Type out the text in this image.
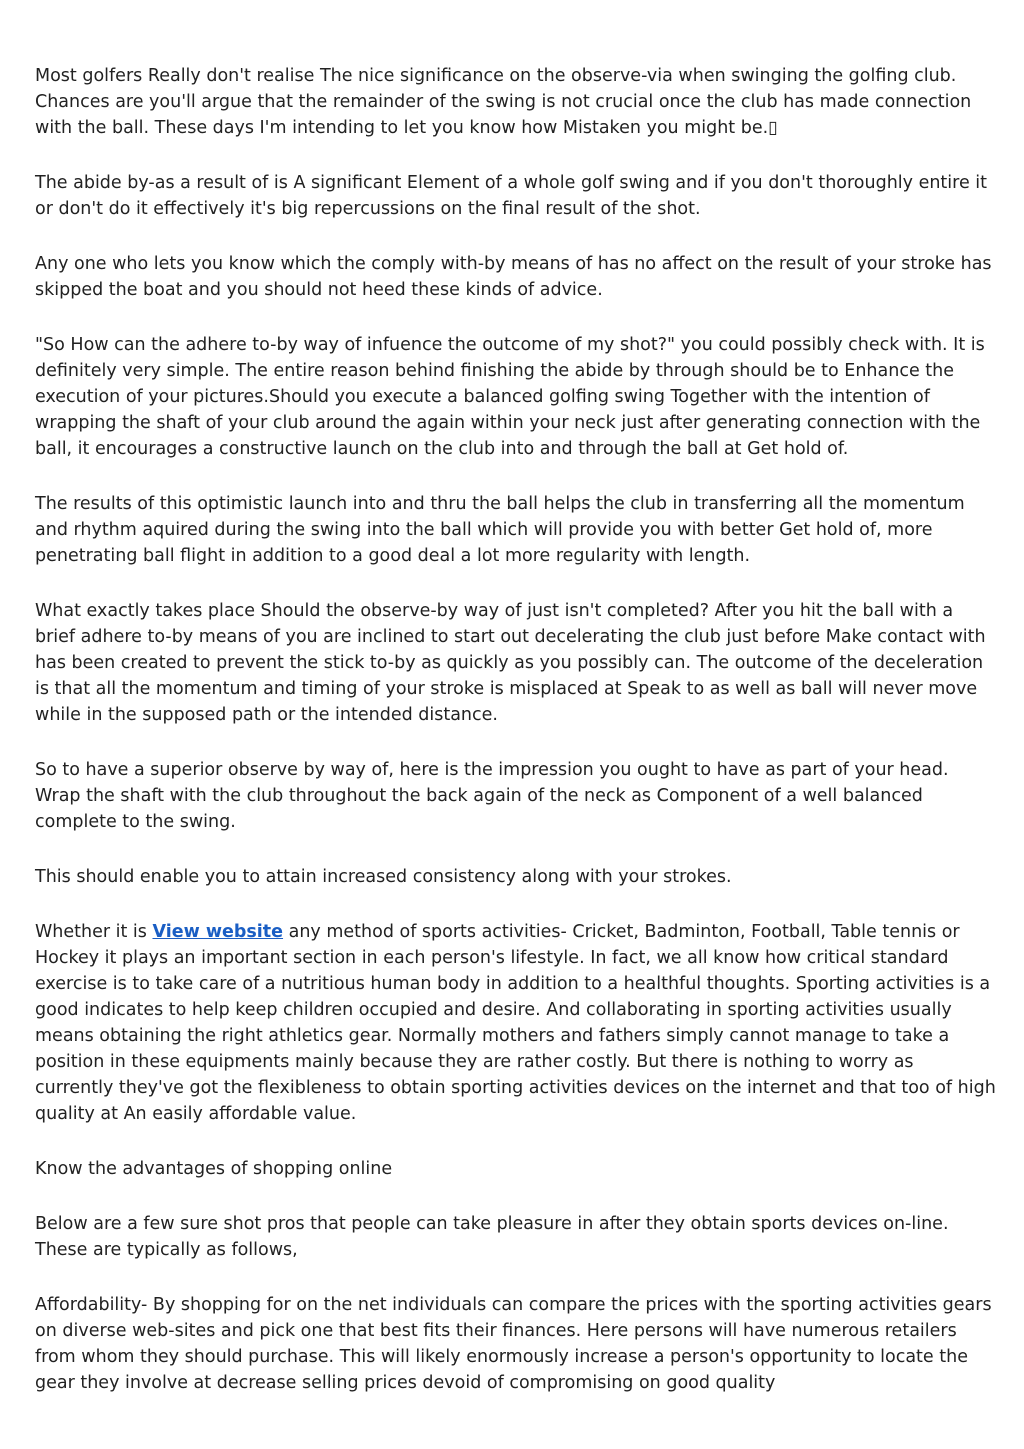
Most golfers Really don't realise The nice significance on the observe-via when swinging the golfing club. Chances are you'll argue that the remainder of the swing is not crucial once the club has made connection with the ball. These days I'm intending to let you know how Mistaken you might be.▯

The abide by-as a result of is A significant Element of a whole golf swing and if you don't thoroughly entire it or don't do it effectively it's big repercussions on the final result of the shot.

Any one who lets you know which the comply with-by means of has no affect on the result of your stroke has skipped the boat and you should not heed these kinds of advice.

"So How can the adhere to-by way of infuence the outcome of my shot?" you could possibly check with. It is definitely very simple. The entire reason behind finishing the abide by through should be to Enhance the execution of your pictures.Should you execute a balanced golfing swing Together with the intention of wrapping the shaft of your club around the again within your neck just after generating connection with the ball, it encourages a constructive launch on the club into and through the ball at Get hold of.

The results of this optimistic launch into and thru the ball helps the club in transferring all the momentum and rhythm aquired during the swing into the ball which will provide you with better Get hold of, more penetrating ball flight in addition to a good deal a lot more regularity with length.

What exactly takes place Should the observe-by way of just isn't completed? After you hit the ball with a brief adhere to-by means of you are inclined to start out decelerating the club just before Make contact with has been created to prevent the stick to-by as quickly as you possibly can. The outcome of the deceleration is that all the momentum and timing of your stroke is misplaced at Speak to as well as ball will never move while in the supposed path or the intended distance.

So to have a superior observe by way of, here is the impression you ought to have as part of your head. Wrap the shaft with the club throughout the back again of the neck as Component of a well balanced complete to the swing.

This should enable you to attain increased consistency along with your strokes.

Whether it is View website any method of sports activities- Cricket, Badminton, Football, Table tennis or Hockey it plays an important section in each person's lifestyle. In fact, we all know how critical standard exercise is to take care of a nutritious human body in addition to a healthful thoughts. Sporting activities is a good indicates to help keep children occupied and desire. And collaborating in sporting activities usually means obtaining the right athletics gear. Normally mothers and fathers simply cannot manage to take a position in these equipments mainly because they are rather costly. But there is nothing to worry as currently they've got the flexibleness to obtain sporting activities devices on the internet and that too of high quality at An easily affordable value.

Know the advantages of shopping online

Below are a few sure shot pros that people can take pleasure in after they obtain sports devices on-line. These are typically as follows,

Affordability- By shopping for on the net individuals can compare the prices with the sporting activities gears on diverse web-sites and pick one that best fits their finances. Here persons will have numerous retailers from whom they should purchase. This will likely enormously increase a person's opportunity to locate the gear they involve at decrease selling prices devoid of compromising on good quality
